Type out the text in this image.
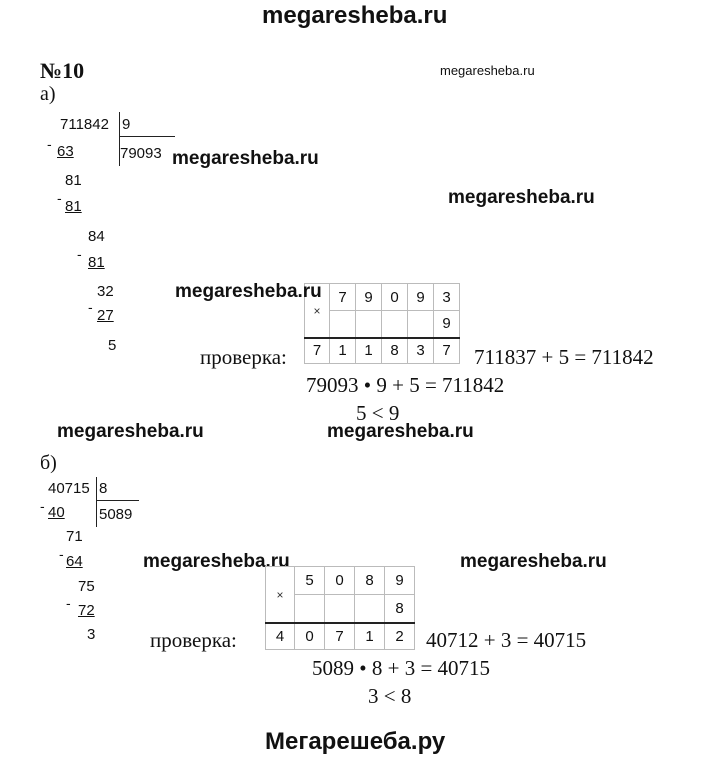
megaresheba.ru
№10	megaresheba.ru
а)
711842 9
79093
- 63
81
- 81
84
- 81
32
- 27
5
megaresheba.ru
megaresheba.ru
×	7	9	0	9	3
					9
7	1	1	8	3	7
megaresheba.ru
проверка:	711837 + 5 = 711842
79093 • 9 + 5 = 711842
5 < 9
megaresheba.ru	megaresheba.ru
б)
40715 8
5089
- 40
71
- 64
75
- 72
3
megaresheba.ru	megaresheba.ru
×	5	0	8	9
				8
4	0	7	1	2
проверка:	40712 + 3 = 40715
5089 • 8 + 3 = 40715
3 < 8
Мегарешеба.ру
